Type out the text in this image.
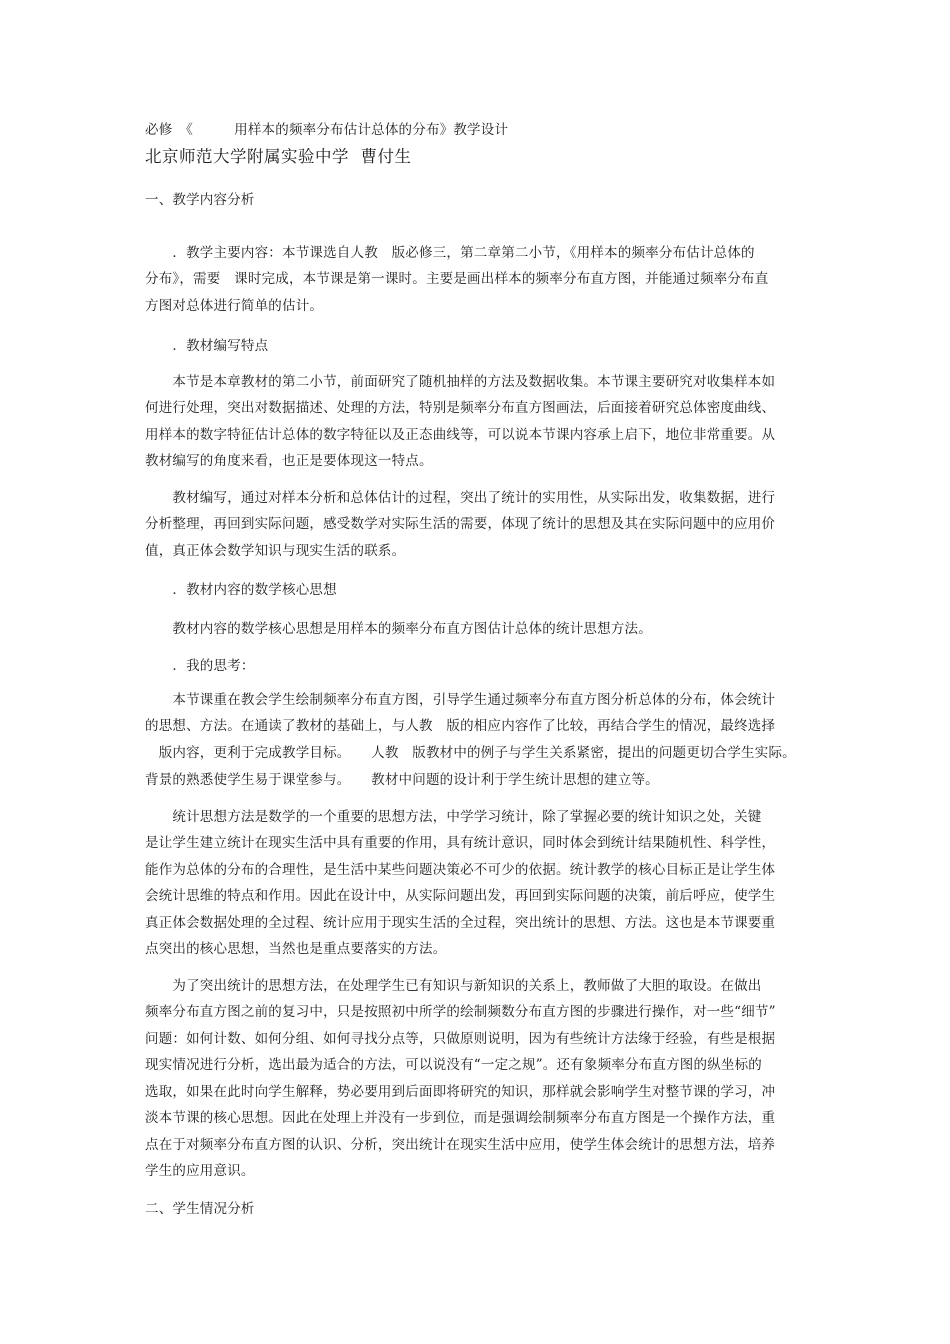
必修　《　　　用样本的频率分布估计总体的分布》教学设计
北京师范大学附属实验中学  曹付生
一、教学内容分析
　　．教学主要内容：本节课选自人教　版必修三，第二章第二小节，《用样本的频率分布估计总体的
分布》，需要　课时完成，本节课是第一课时。主要是画出样本的频率分布直方图，并能通过频率分布直
方图对总体进行简单的估计。
　　．教材编写特点
　　本节是本章教材的第二小节，前面研究了随机抽样的方法及数据收集。本节课主要研究对收集样本如
何进行处理，突出对数据描述、处理的方法，特别是频率分布直方图画法，后面接着研究总体密度曲线、
用样本的数字特征估计总体的数字特征以及正态曲线等，可以说本节课内容承上启下，地位非常重要。从
教材编写的角度来看，也正是要体现这一特点。
　　教材编写，通过对样本分析和总体估计的过程，突出了统计的实用性，从实际出发，收集数据，进行
分析整理，再回到实际问题，感受数学对实际生活的需要，体现了统计的思想及其在实际问题中的应用价
值，真正体会数学知识与现实生活的联系。
　　．教材内容的数学核心思想
　　教材内容的数学核心思想是用样本的频率分布直方图估计总体的统计思想方法。
　　．我的思考：
　　本节课重在教会学生绘制频率分布直方图，引导学生通过频率分布直方图分析总体的分布，体会统计
的思想、方法。在通读了教材的基础上，与人教　版的相应内容作了比较，再结合学生的情况，最终选择
　版内容，更利于完成教学目标。　　人教　版教材中的例子与学生关系紧密，提出的问题更切合学生实际。
背景的熟悉使学生易于课堂参与。　　教材中问题的设计利于学生统计思想的建立等。
　　统计思想方法是数学的一个重要的思想方法，中学学习统计，除了掌握必要的统计知识之处，关键
是让学生建立统计在现实生活中具有重要的作用，具有统计意识，同时体会到统计结果随机性、科学性，
能作为总体的分布的合理性，是生活中某些问题决策必不可少的依据。统计教学的核心目标正是让学生体
会统计思维的特点和作用。因此在设计中，从实际问题出发，再回到实际问题的决策，前后呼应，使学生
真正体会数据处理的全过程、统计应用于现实生活的全过程，突出统计的思想、方法。这也是本节课要重
点突出的核心思想，当然也是重点要落实的方法。
　　为了突出统计的思想方法，在处理学生已有知识与新知识的关系上，教师做了大胆的取设。在做出
频率分布直方图之前的复习中，只是按照初中所学的绘制频数分布直方图的步骤进行操作，对一些“细节”
问题：如何计数、如何分组、如何寻找分点等，只做原则说明，因为有些统计方法缘于经验，有些是根据
现实情况进行分析，选出最为适合的方法，可以说没有“一定之规”。还有象频率分布直方图的纵坐标的
选取，如果在此时向学生解释，势必要用到后面即将研究的知识，那样就会影响学生对整节课的学习，冲
淡本节课的核心思想。因此在处理上并没有一步到位，而是强调绘制频率分布直方图是一个操作方法，重
点在于对频率分布直方图的认识、分析，突出统计在现实生活中应用，使学生体会统计的思想方法，培养
学生的应用意识。
二、学生情况分析
